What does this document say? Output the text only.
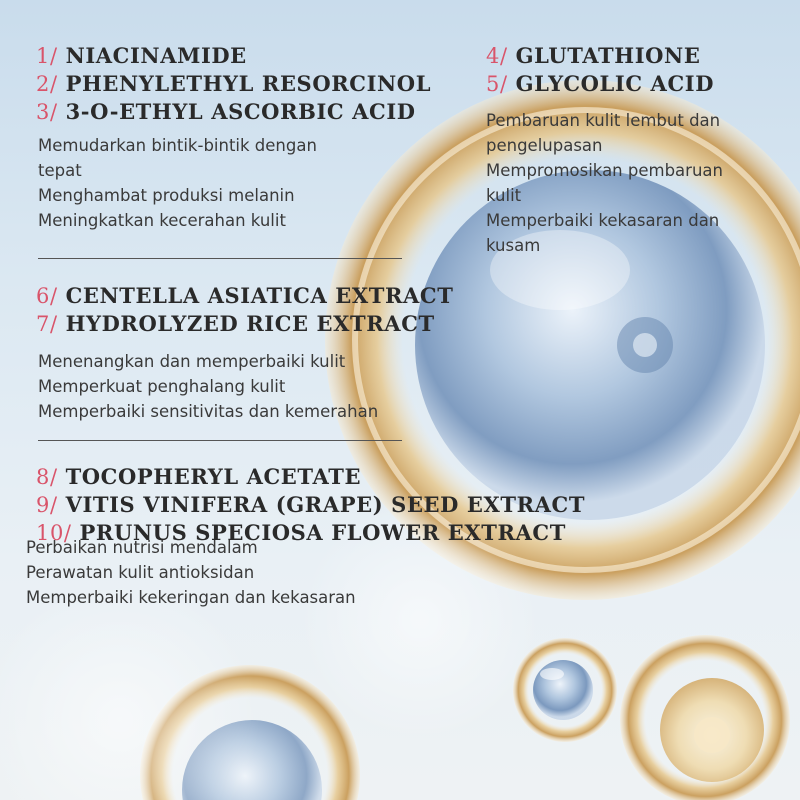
1/ NIACINAMIDE
2/ PHENYLETHYL RESORCINOL
3/ 3-O-ETHYL ASCORBIC ACID
Memudarkan bintik-bintik dengan tepat
Menghambat produksi melanin
Meningkatkan kecerahan kulit
4/ GLUTATHIONE
5/ GLYCOLIC ACID
Pembaruan kulit lembut dan pengelupasan
Mempromosikan pembaruan kulit
Memperbaiki kekasaran dan kusam
6/ CENTELLA ASIATICA EXTRACT
7/ HYDROLYZED RICE EXTRACT
Menenangkan dan memperbaiki kulit
Memperkuat penghalang kulit
Memperbaiki sensitivitas dan kemerahan
8/ TOCOPHERYL ACETATE
9/ VITIS VINIFERA (GRAPE) SEED EXTRACT
10/ PRUNUS SPECIOSA FLOWER EXTRACT
Perbaikan nutrisi mendalam
Perawatan kulit antioksidan
Memperbaiki kekeringan dan kekasaran
